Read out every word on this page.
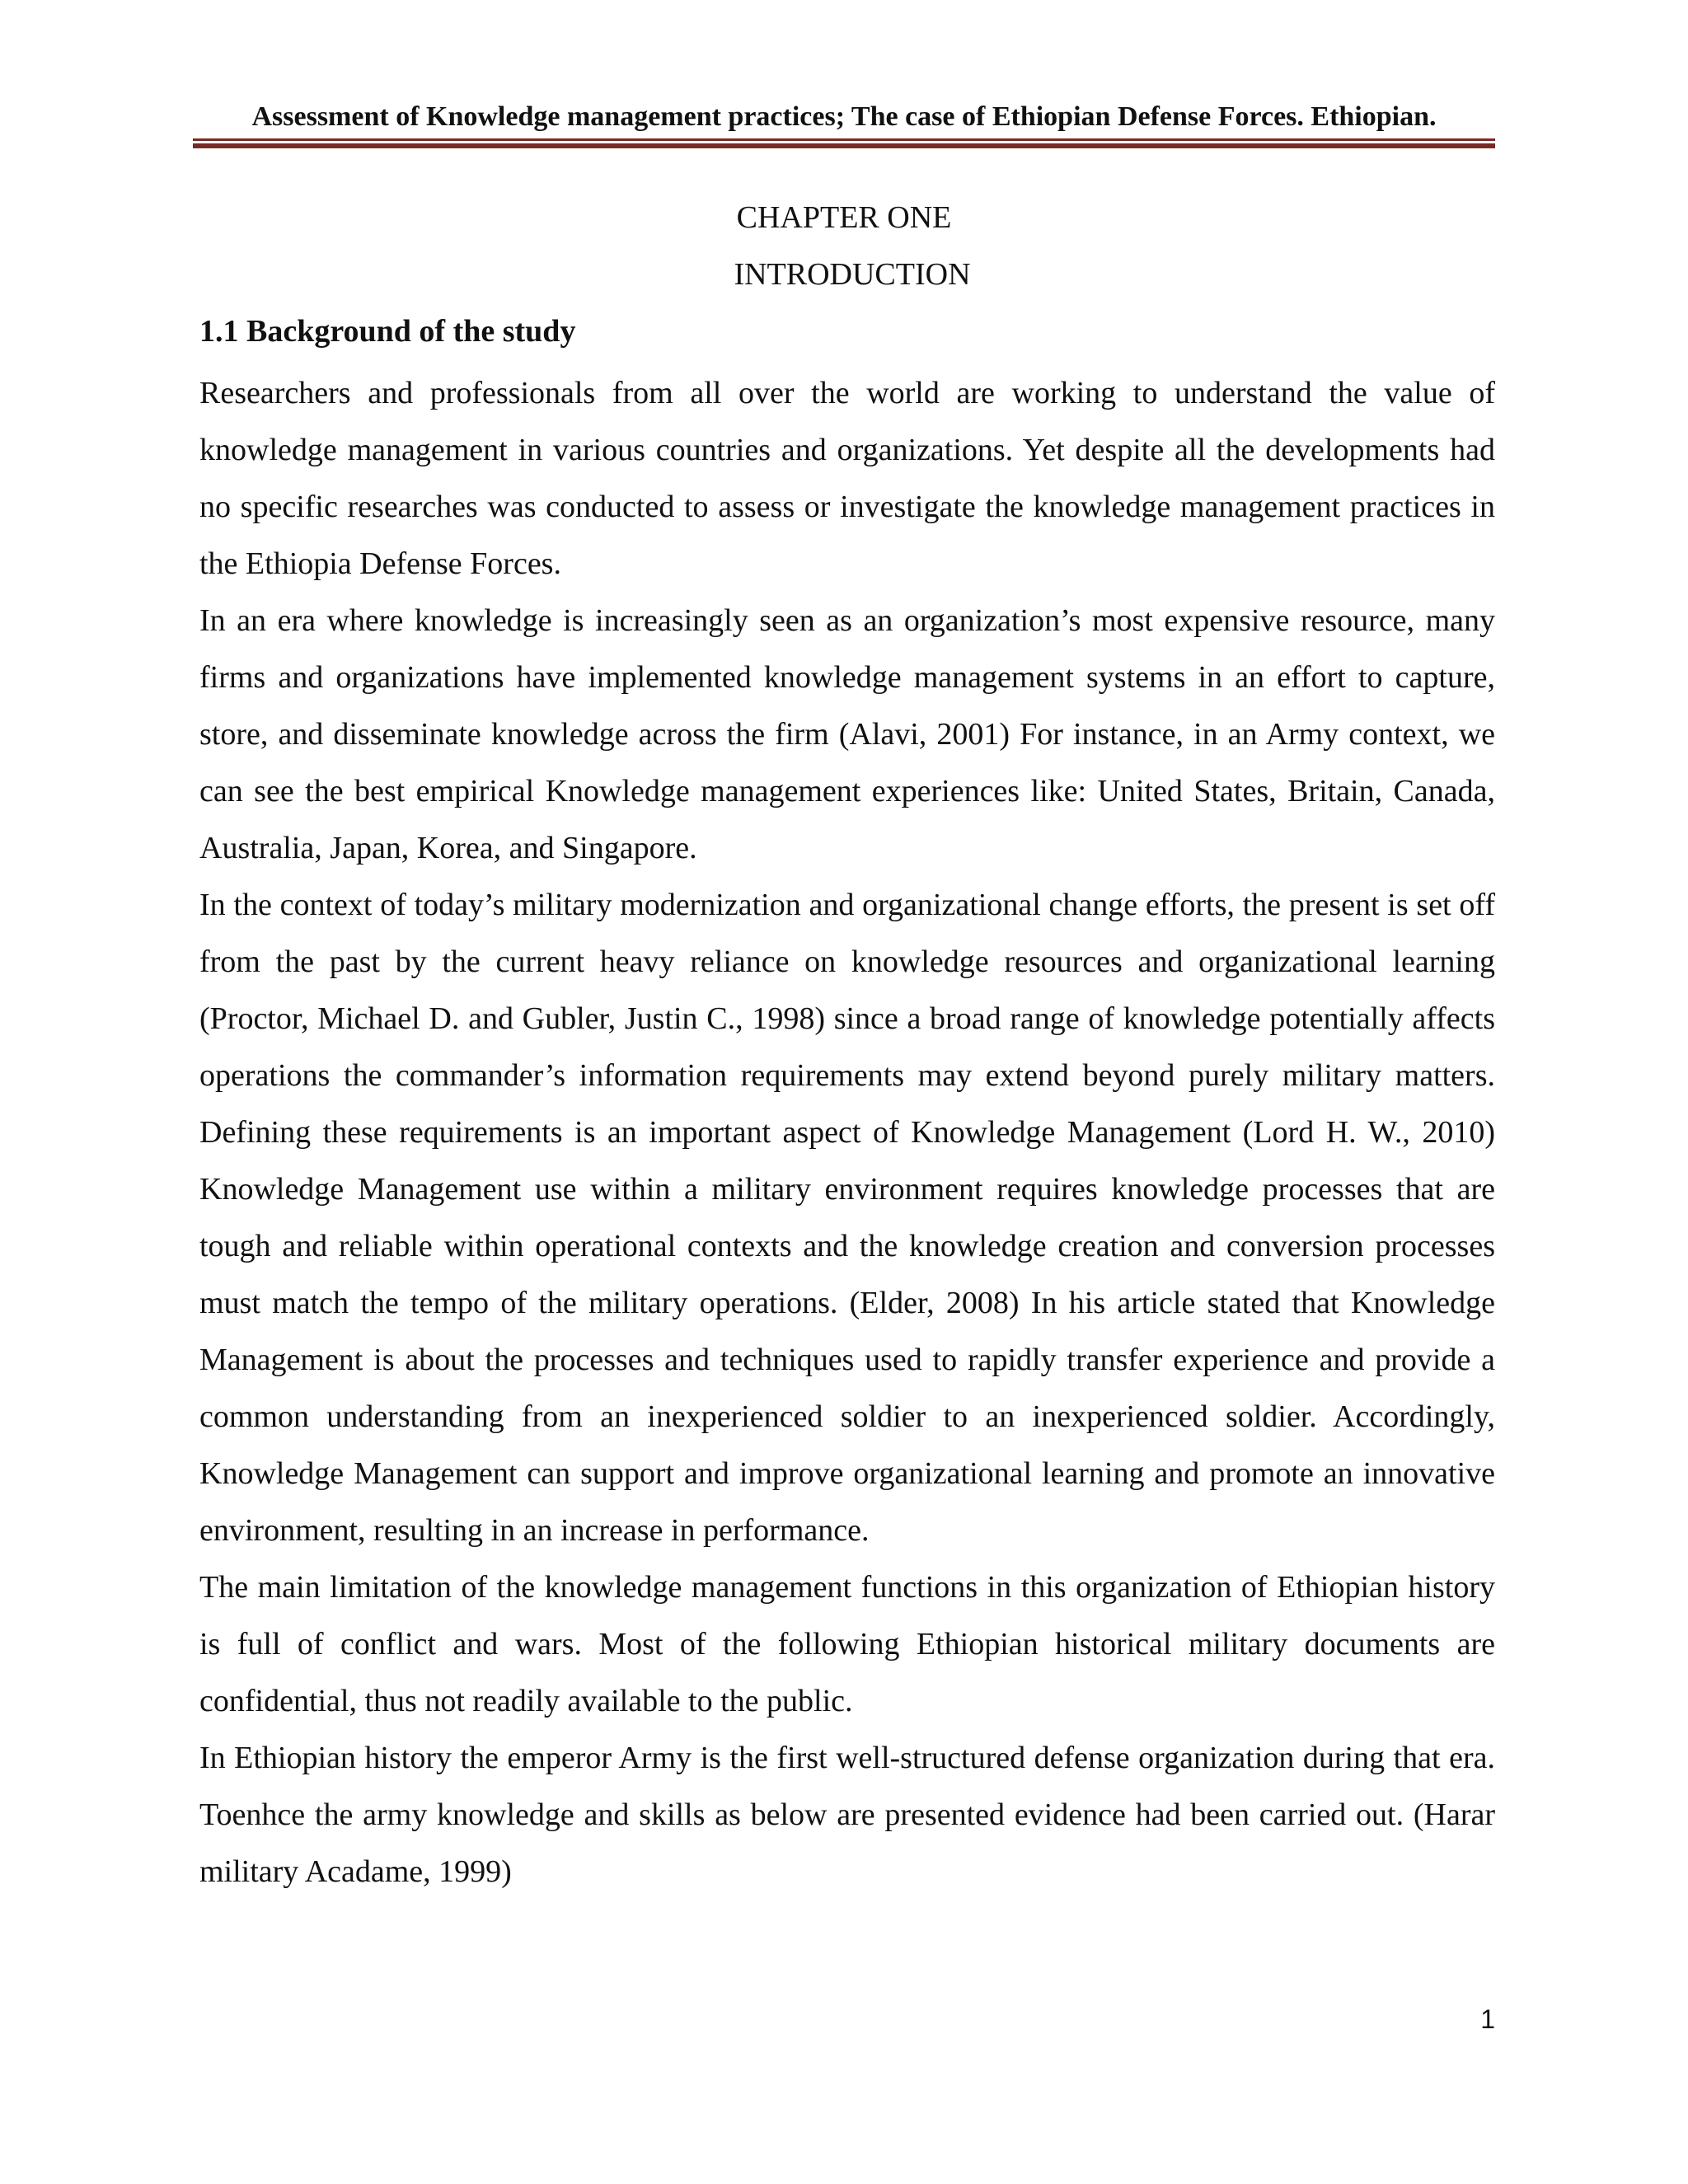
Assessment of Knowledge management practices; The case of Ethiopian Defense Forces. Ethiopian.
CHAPTER ONE
INTRODUCTION
1.1 Background of the study

Researchers and professionals from all over the world are working to understand the value of knowledge management in various countries and organizations. Yet despite all the developments had no specific researches was conducted to assess or investigate the knowledge management practices in the Ethiopia Defense Forces.

In an era where knowledge is increasingly seen as an organization’s most expensive resource, many firms and organizations have implemented knowledge management systems in an effort to capture, store, and disseminate knowledge across the firm (Alavi, 2001) For instance, in an Army context, we can see the best empirical Knowledge management experiences like: United States, Britain, Canada, Australia, Japan, Korea, and Singapore.

In the context of today’s military modernization and organizational change efforts, the present is set off from the past by the current heavy reliance on knowledge resources and organizational learning (Proctor, Michael D. and Gubler, Justin C., 1998) since a broad range of knowledge potentially affects operations the commander’s information requirements may extend beyond purely military matters. Defining these requirements is an important aspect of Knowledge Management (Lord H. W., 2010) Knowledge Management use within a military environment requires knowledge processes that are tough and reliable within operational contexts and the knowledge creation and conversion processes must match the tempo of the military operations. (Elder, 2008) In his article stated that Knowledge Management is about the processes and techniques used to rapidly transfer experience and provide a common understanding from an inexperienced soldier to an inexperienced soldier. Accordingly, Knowledge Management can support and improve organizational learning and promote an innovative environment, resulting in an increase in performance.

The main limitation of the knowledge management functions in this organization of Ethiopian history is full of conflict and wars. Most of the following Ethiopian historical military documents are confidential, thus not readily available to the public.

In Ethiopian history the emperor Army is the first well-structured defense organization during that era. Toenhce the army knowledge and skills as below are presented evidence had been carried out. (Harar military Acadame, 1999)

1
